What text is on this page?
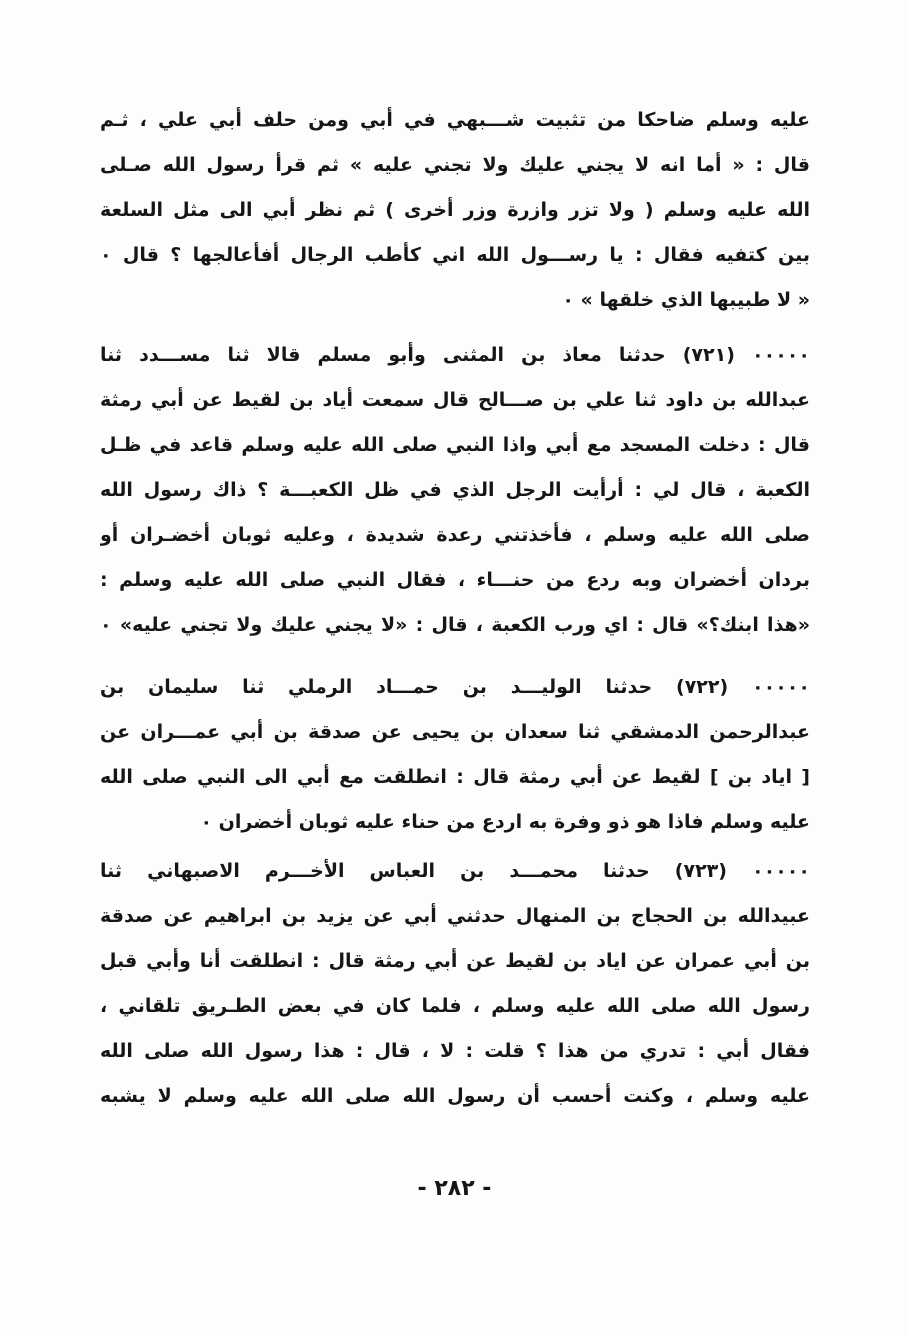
عليه وسلم ضاحكا من تثبيت شـــبهي في أبي ومن حلف أبي علي ، ثـم
قال : « أما انه لا يجني عليك ولا تجني عليه » ثم قرأ رسول الله صـلى
الله عليه وسلم ( ولا تزر وازرة وزر أخرى ) ثم نظر أبي الى مثل السلعة
بين كتفيه فقال : يا رســـول الله اني كأطب الرجال أفأعالجها ؟ قال ٠
« لا طبيبها الذي خلقها » ٠
٠٠٠٠٠ (٧٢١) حدثنا معاذ بن المثنى وأبو مسلم قالا ثنا مســـدد ثنا
عبدالله بن داود ثنا علي بن صـــالح قال سمعت أياد بن لقيط عن أبي رمثة
قال : دخلت المسجد مع أبي واذا النبي صلى الله عليه وسلم قاعد في ظـل
الكعبة ، قال لي : أرأيت الرجل الذي في ظل الكعبـــة ؟ ذاك رسول الله
صلى الله عليه وسلم ، فأخذتني رعدة شديدة ، وعليه ثوبان أخضـران أو
بردان أخضران وبه ردع من حنـــاء ، فقال النبي صلى الله عليه وسلم :
«هذا ابنك؟» قال : اي ورب الكعبة ، قال : «لا يجني عليك ولا تجني عليه» ٠
٠٠٠٠٠ (٧٢٢) حدثنا الوليـــد بن حمـــاد الرملي ثنا سليمان بن
عبدالرحمن الدمشقي ثنا سعدان بن يحيى عن صدقة بن أبي عمـــران عن
[ اياد بن ] لقيط عن أبي رمثة قال : انطلقت مع أبي الى النبي صلى الله
عليه وسلم فاذا هو ذو وفرة به اردع من حناء عليه ثوبان أخضران ٠
٠٠٠٠٠ (٧٢٣) حدثنا محمـــد بن العباس الأخـــرم الاصبهاني ثنا
عبيدالله بن الحجاج بن المنهال حدثني أبي عن يزيد بن ابراهيم عن صدقة
بن أبي عمران عن اياد بن لقيط عن أبي رمثة قال : انطلقت أنا وأبي قبل
رسول الله صلى الله عليه وسلم ، فلما كان في بعض الطـريق تلقاني ،
فقال أبي : تدري من هذا ؟ قلت : لا ، قال : هذا رسول الله صلى الله
عليه وسلم ، وكنت أحسب أن رسول الله صلى الله عليه وسلم لا يشبه
- ٢٨٢ -
